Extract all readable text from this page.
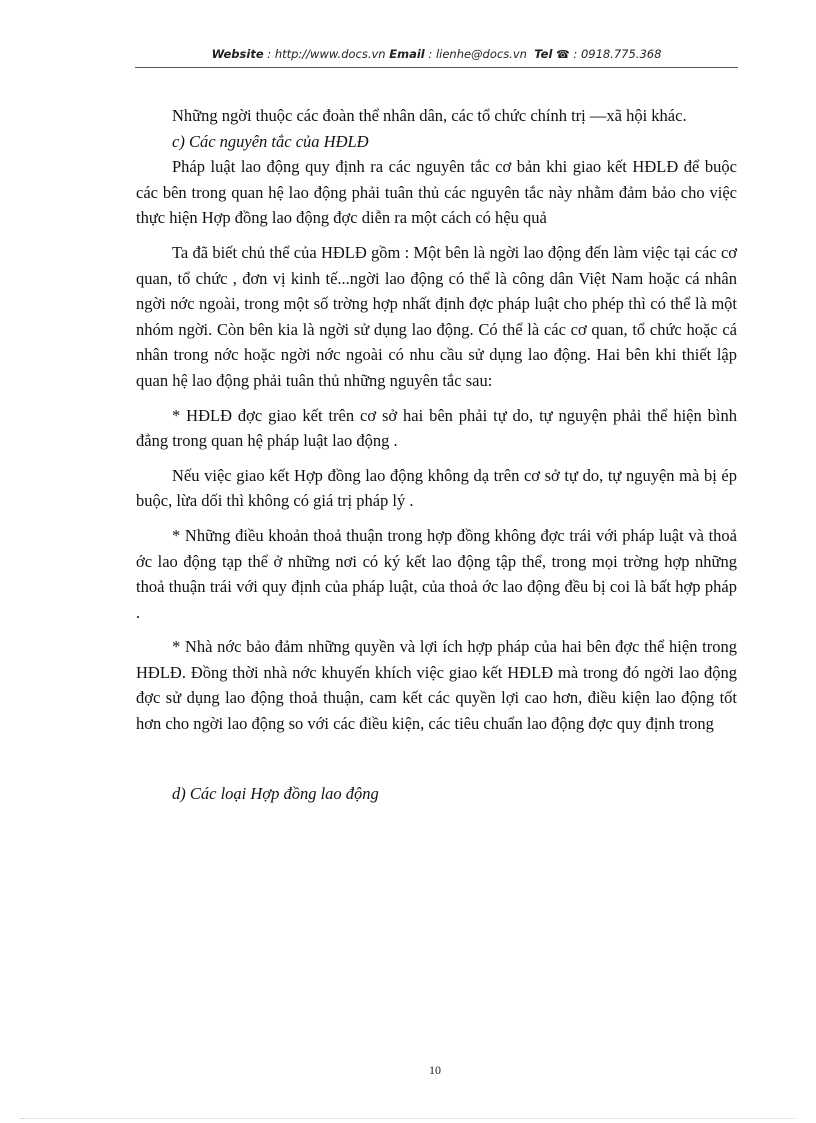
Website : http://www.docs.vn Email : lienhe@docs.vn Tel ☎ : 0918.775.368

Những ngời thuộc các đoàn thể nhân dân, các tổ chức chính trị —xã hội khác.

c) Các nguyên tắc của HĐLĐ

Pháp luật lao động quy định ra các nguyên tắc cơ bản khi giao kết HĐLĐ để buộc các bên trong quan hệ lao động phải tuân thủ các nguyên tắc này nhằm đảm bảo cho việc thực hiện Hợp đồng lao động đợc diễn ra một cách có hệu quả

Ta đã biết chủ thể của HĐLĐ gồm : Một bên là ngời lao động đến làm việc tại các cơ quan, tổ chức , đơn vị kinh tế...ngời lao động có thể là công dân Việt Nam hoặc cá nhân ngời nớc ngoài, trong một số trờng hợp nhất định đợc pháp luật cho phép thì có thể là một nhóm ngời. Còn bên kia là ngời sử dụng lao động. Có thể là các cơ quan, tổ chức hoặc cá nhân trong nớc hoặc ngời nớc ngoài có nhu cầu sử dụng lao động. Hai bên khi thiết lập quan hệ lao động phải tuân thủ những nguyên tắc sau:

* HĐLĐ đợc giao kết trên cơ sở hai bên phải tự do, tự nguyện phải thể hiện bình đẳng trong quan hệ pháp luật lao động .

Nếu việc giao kết Hợp đồng lao động không dạ trên cơ sở tự do, tự nguyện mà bị ép buộc, lừa dối thì không có giá trị pháp lý .

* Những điều khoản thoả thuận trong hợp đồng không đợc trái với pháp luật và thoả ớc lao động tạp thể ở những nơi có ký kết lao động tập thể, trong mọi trờng hợp những thoả thuận trái với quy định của pháp luật, của thoả ớc lao động đều bị coi là bất hợp pháp .

* Nhà nớc bảo đảm những quyền và lợi ích hợp pháp của hai bên đợc thể hiện trong HĐLĐ. Đồng thời nhà nớc khuyến khích việc giao kết HĐLĐ mà trong đó ngời lao động đợc sử dụng lao động thoả thuận, cam kết các quyền lợi cao hơn, điều kiện lao động tốt hơn cho ngời lao động so với các điều kiện, các tiêu chuẩn lao động đợc quy định trong

d) Các loại Hợp đồng lao động
10
